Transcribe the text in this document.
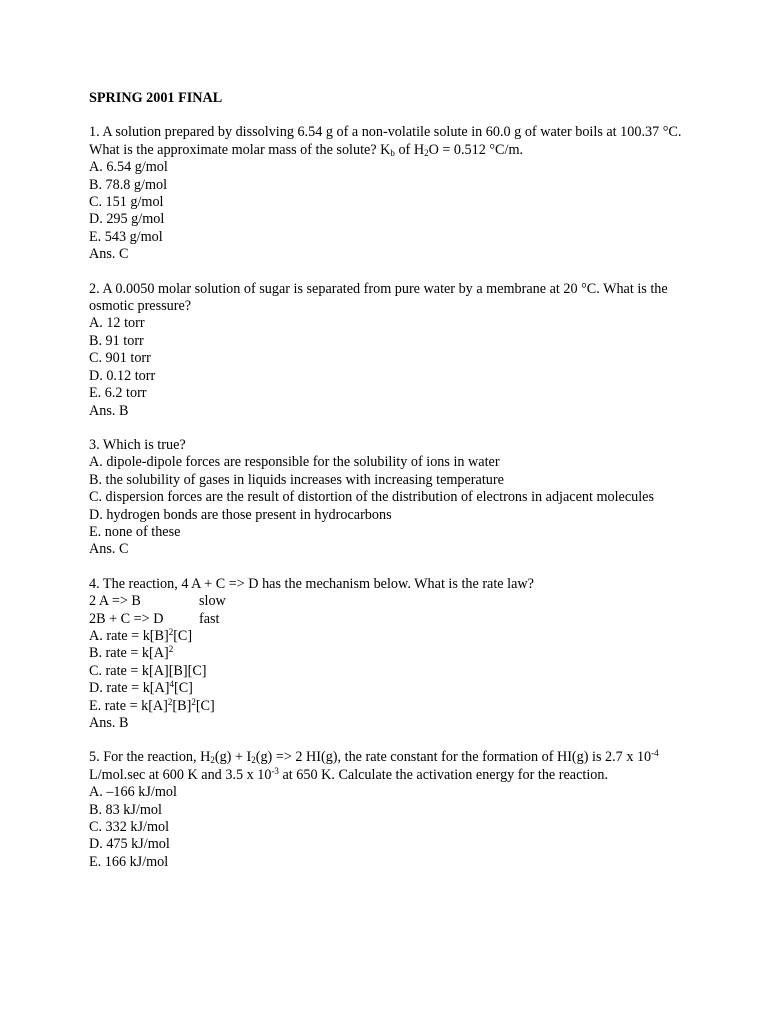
SPRING 2001 FINAL
1. A solution prepared by dissolving 6.54 g of a non-volatile solute in 60.0 g of water boils at 100.37 °C. What is the approximate molar mass of the solute? $K_b$ of $H_2O = 0.512$ °C/m.
A. 6.54 g/mol
B. 78.8 g/mol
C. 151 g/mol
D. 295 g/mol
E. 543 g/mol
Ans. C
2. A 0.0050 molar solution of sugar is separated from pure water by a membrane at 20 °C. What is the osmotic pressure?
A. 12 torr
B. 91 torr
C. 901 torr
D. 0.12 torr
E. 6.2 torr
Ans. B
3. Which is true?
A. dipole-dipole forces are responsible for the solubility of ions in water
B. the solubility of gases in liquids increases with increasing temperature
C. dispersion forces are the result of distortion of the distribution of electrons in adjacent molecules
D. hydrogen bonds are those present in hydrocarbons
E. none of these
Ans. C
4. The reaction, 4 A + C => D has the mechanism below. What is the rate law?
2 A => B	slow
2B + C => D	fast
A. rate = $k[B]^2[C]$
B. rate = $k[A]^2$
C. rate = k[A][B][C]
D. rate = $k[A]^4[C]$
E. rate = $k[A]^2[B]^2[C]$
Ans. B
5. For the reaction, $H_2(g) + I_2(g) => 2$ HI(g), the rate constant for the formation of HI(g) is 2.7 x $10^{-4}$ L/mol.sec at 600 K and 3.5 x $10^{-3}$ at 650 K. Calculate the activation energy for the reaction.
A. –166 kJ/mol
B. 83 kJ/mol
C. 332 kJ/mol
D. 475 kJ/mol
E. 166 kJ/mol
